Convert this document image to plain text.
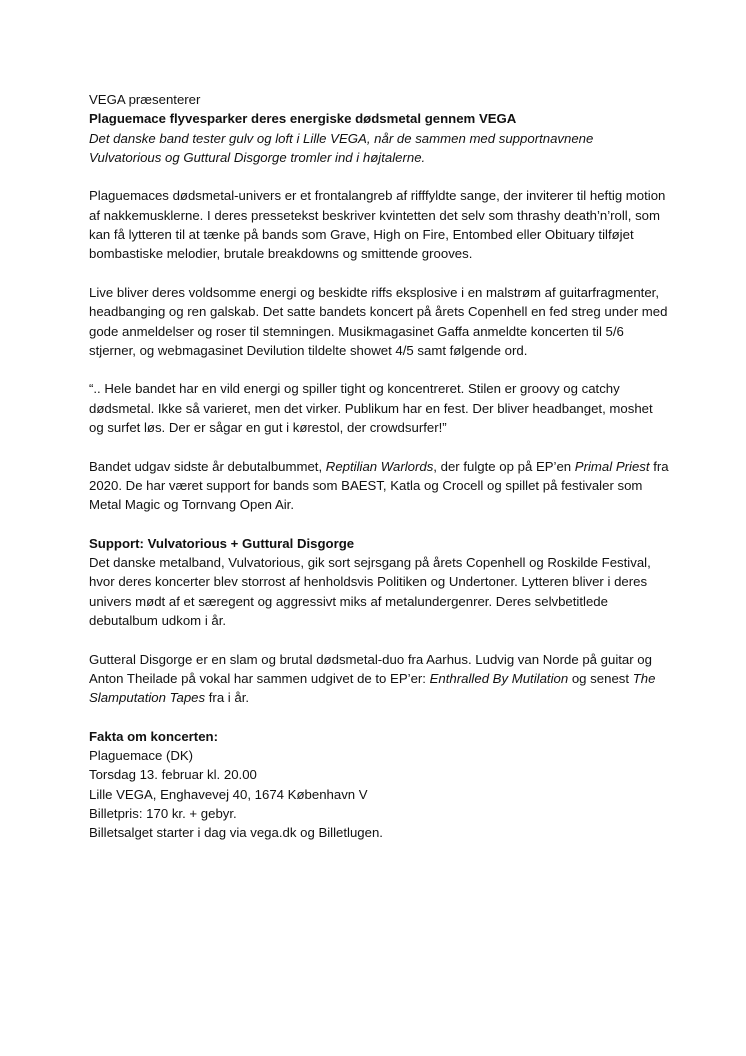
VEGA præsenterer

Plaguemace flyvesparker deres energiske dødsmetal gennem VEGA

Det danske band tester gulv og loft i Lille VEGA, når de sammen med supportnavnene Vulvatorious og Guttural Disgorge tromler ind i højtalerne.

Plaguemaces dødsmetal-univers er et frontalangreb af rifffyldte sange, der inviterer til heftig motion af nakkemusklerne. I deres pressetekst beskriver kvintetten det selv som thrashy death’n’roll, som kan få lytteren til at tænke på bands som Grave, High on Fire, Entombed eller Obituary tilføjet bombastiske melodier, brutale breakdowns og smittende grooves.

Live bliver deres voldsomme energi og beskidte riffs eksplosive i en malstrøm af guitarfragmenter, headbanging og ren galskab. Det satte bandets koncert på årets Copenhell en fed streg under med gode anmeldelser og roser til stemningen. Musikmagasinet Gaffa anmeldte koncerten til 5/6 stjerner, og webmagasinet Devilution tildelte showet 4/5 samt følgende ord.

“.. Hele bandet har en vild energi og spiller tight og koncentreret. Stilen er groovy og catchy dødsmetal. Ikke så varieret, men det virker. Publikum har en fest. Der bliver headbanget, moshet og surfet løs. Der er sågar en gut i kørestol, der crowdsurfer!”

Bandet udgav sidste år debutalbummet, Reptilian Warlords, der fulgte op på EP’en Primal Priest fra 2020. De har været support for bands som BAEST, Katla og Crocell og spillet på festivaler som Metal Magic og Tornvang Open Air.

Support: Vulvatorious + Guttural Disgorge

Det danske metalband, Vulvatorious, gik sort sejrsgang på årets Copenhell og Roskilde Festival, hvor deres koncerter blev storrost af henholdsvis Politiken og Undertoner. Lytteren bliver i deres univers mødt af et særegent og aggressivt miks af metalundergenrer. Deres selvbetitlede debutalbum udkom i år.

Gutteral Disgorge er en slam og brutal dødsmetal-duo fra Aarhus. Ludvig van Norde på guitar og Anton Theilade på vokal har sammen udgivet de to EP’er: Enthralled By Mutilation og senest The Slamputation Tapes fra i år.

Fakta om koncerten:

Plaguemace (DK)

Torsdag 13. februar kl. 20.00

Lille VEGA, Enghavevej 40, 1674 København V

Billetpris: 170 kr. + gebyr.

Billetsalget starter i dag via vega.dk og Billetlugen.
